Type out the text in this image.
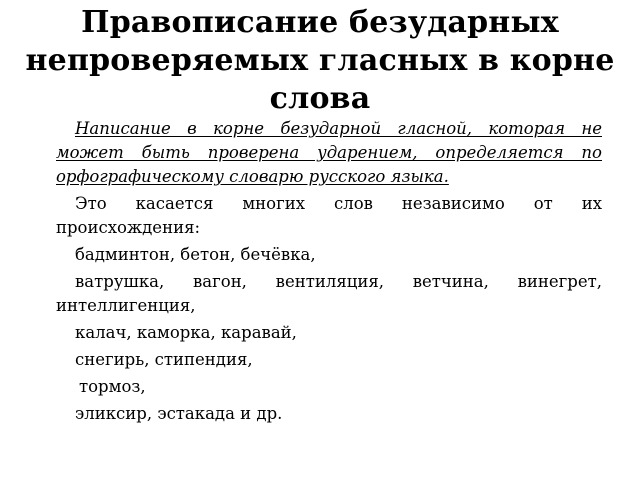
Правописание безударных непроверяемых гласных в корне слова

Написание в корне безударной гласной, которая не может быть проверена ударением, определяется по орфографическому словарю русского языка.

Это касается многих слов независимо от их происхождения:

бадминтон, бетон, бечёвка,

ватрушка, вагон, вентиляция, ветчина, винегрет, интеллигенция,

калач, каморка, каравай,

снегирь, стипендия,

тормоз,

эликсир, эстакада и др.
